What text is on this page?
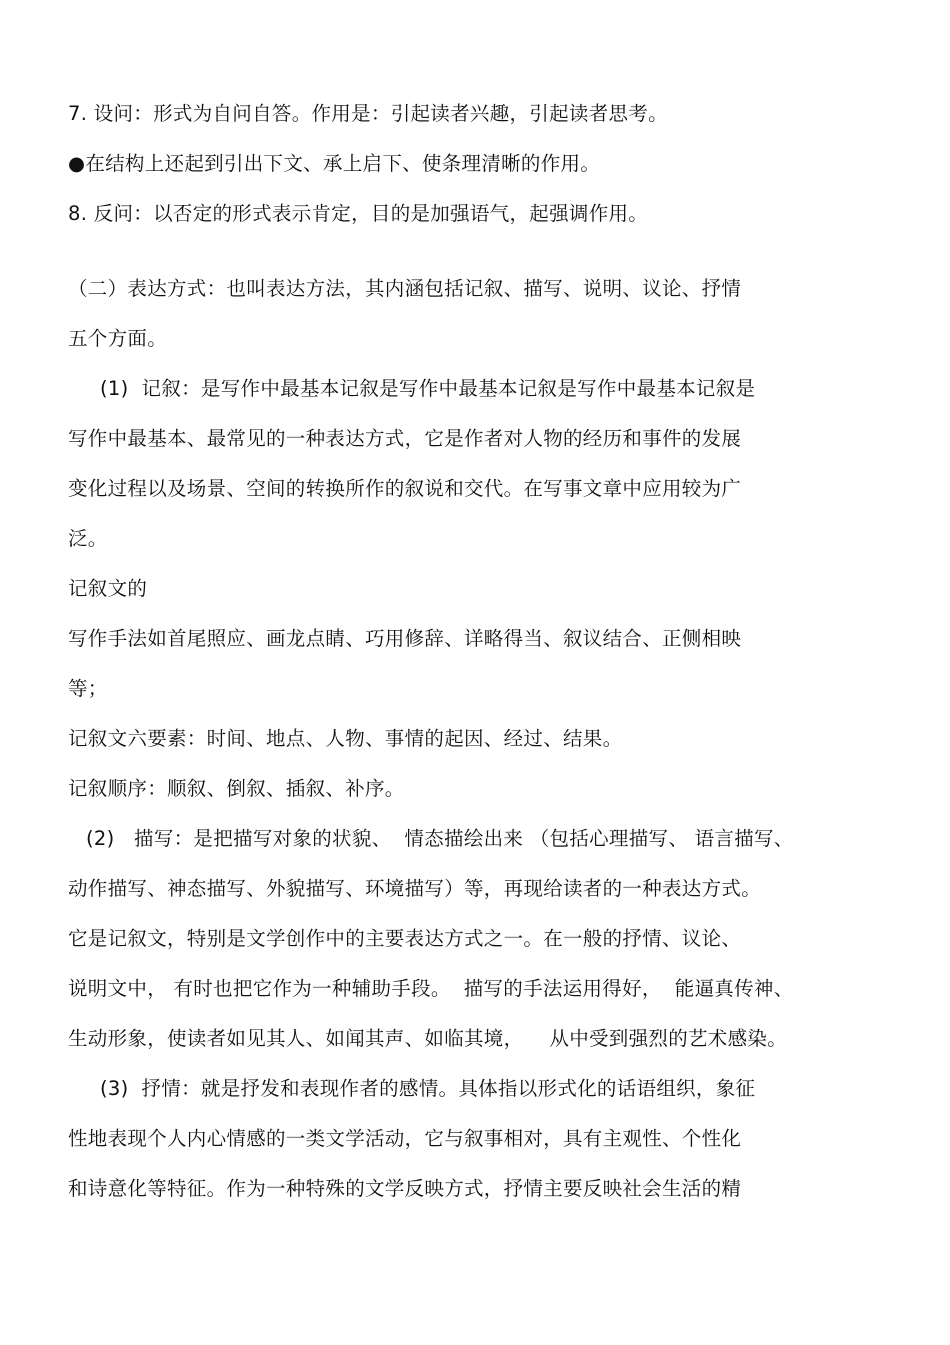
7. 设问：形式为自问自答。作用是：引起读者兴趣，引起读者思考。
●在结构上还起到引出下文、承上启下、使条理清晰的作用。
8. 反问：以否定的形式表示肯定，目的是加强语气，起强调作用。
（二）表达方式：也叫表达方法，其内涵包括记叙、描写、说明、议论、抒情
五个方面。
(1)  记叙：是写作中最基本记叙是写作中最基本记叙是写作中最基本记叙是
写作中最基本、最常见的一种表达方式，它是作者对人物的经历和事件的发展
变化过程以及场景、空间的转换所作的叙说和交代。在写事文章中应用较为广
泛。
记叙文的
写作手法如首尾照应、画龙点睛、巧用修辞、详略得当、叙议结合、正侧相映
等；
记叙文六要素：时间、地点、人物、事情的起因、经过、结果。
记叙顺序：顺叙、倒叙、插叙、补序。
(2)   描写：是把描写对象的状貌、  情态描绘出来 （包括心理描写、 语言描写、
动作描写、神态描写、外貌描写、环境描写）等，再现给读者的一种表达方式。
它是记叙文，特别是文学创作中的主要表达方式之一。在一般的抒情、议论、
说明文中， 有时也把它作为一种辅助手段。  描写的手法运用得好，  能逼真传神、
生动形象，使读者如见其人、如闻其声、如临其境，    从中受到强烈的艺术感染。
(3)  抒情：就是抒发和表现作者的感情。具体指以形式化的话语组织，象征
性地表现个人内心情感的一类文学活动，它与叙事相对，具有主观性、个性化
和诗意化等特征。作为一种特殊的文学反映方式，抒情主要反映社会生活的精
